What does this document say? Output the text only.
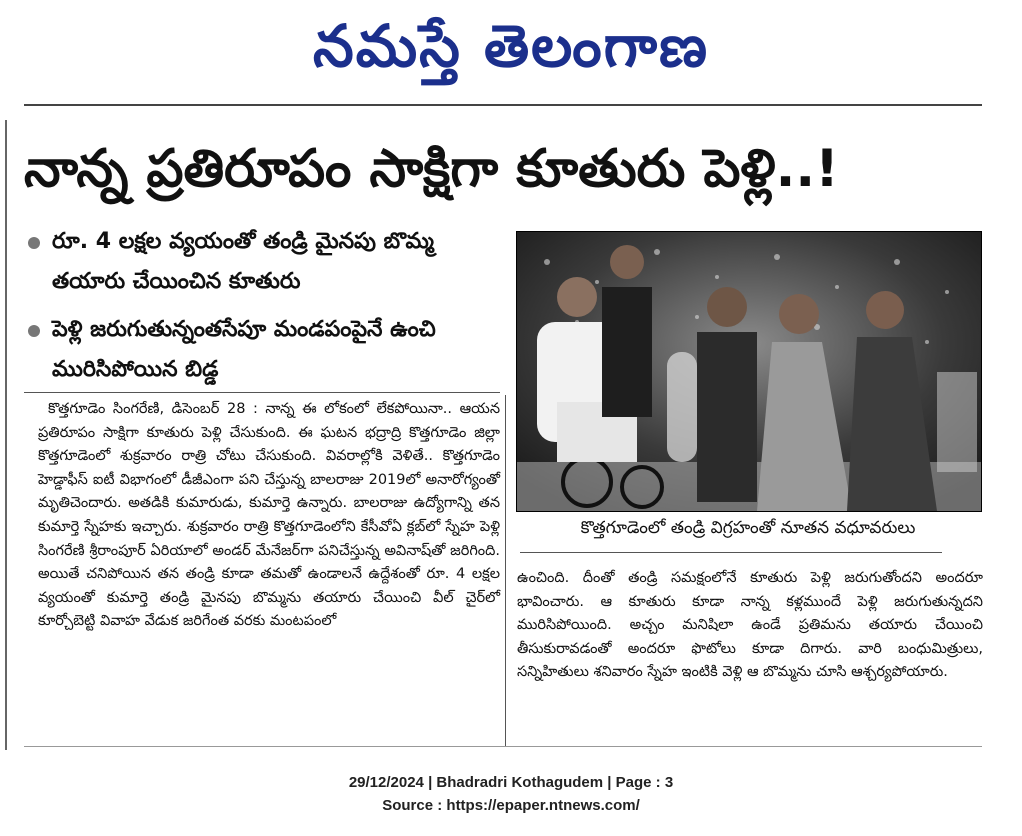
నమస్తే తెలంగాణ
నాన్న ప్రతిరూపం సాక్షిగా కూతురు పెళ్లి..!
రూ. 4 లక్షల వ్యయంతో తండ్రి మైనపు బొమ్మ తయారు చేయించిన కూతురు
పెళ్లి జరుగుతున్నంతసేపూ మండపంపైనే ఉంచి మురిసిపోయిన బిడ్డ
కొత్తగూడెం సింగరేణి, డిసెంబర్ 28 : నాన్న ఈ లోకంలో లేకపోయినా.. ఆయన ప్రతిరూపం సాక్షిగా కూతురు పెళ్లి చేసుకుంది. ఈ ఘటన భద్రాద్రి కొత్తగూడెం జిల్లా కొత్తగూడెంలో శుక్రవారం రాత్రి చోటు చేసుకుంది. వివరాల్లోకి వెళితే.. కొత్తగూడెం హెడ్డాఫీస్ ఐటీ విభాగంలో డీజీఎంగా పని చేస్తున్న బాలరాజు 2019లో అనారోగ్యంతో మృతిచెందారు. అతడికి కుమారుడు, కుమార్తె ఉన్నారు. బాలరాజు ఉద్యోగాన్ని తన కుమార్తె స్నేహకు ఇచ్చారు. శుక్రవారం రాత్రి కొత్తగూడెంలోని కేసీవోఏ క్లబ్‌లో స్నేహ పెళ్లి సింగరేణి శ్రీరాంపూర్ ఏరియాలో అండర్ మేనేజర్‌గా పనిచేస్తున్న అవినాష్‌తో జరిగింది. అయితే చనిపోయిన తన తండ్రి కూడా తమతో ఉండాలనే ఉద్దేశంతో రూ. 4 లక్షల వ్యయంతో కుమార్తె తండ్రి మైనపు బొమ్మను తయారు చేయించి వీల్ చైర్‌లో కూర్చోబెట్టి వివాహ వేడుక జరిగేంత వరకు మంటపంలో
కొత్తగూడెంలో తండ్రి విగ్రహంతో నూతన వధూవరులు
ఉంచింది. దీంతో తండ్రి సమక్షంలోనే కూతురు పెళ్లి జరుగుతోందని అందరూ భావించారు. ఆ కూతురు కూడా నాన్న కళ్లముందే పెళ్లి జరుగుతున్నదని మురిసిపోయింది. అచ్చం మనిషిలా ఉండే ప్రతిమను తయారు చేయించి తీసుకురావడంతో అందరూ ఫొటోలు కూడా దిగారు. వారి బంధుమిత్రులు, సన్నిహితులు శనివారం స్నేహ ఇంటికి వెళ్లి ఆ బొమ్మను చూసి ఆశ్చర్యపోయారు.
29/12/2024 | Bhadradri Kothagudem | Page : 3
Source : https://epaper.ntnews.com/
